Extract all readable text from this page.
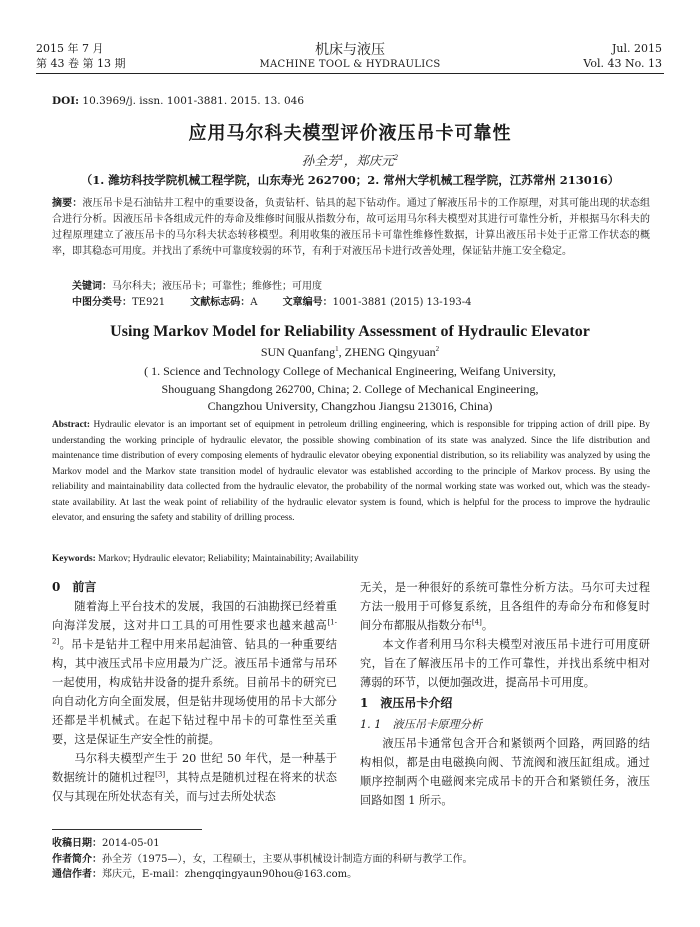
2015 年 7 月
第 43 卷 第 13 期
机床与液压
MACHINE TOOL & HYDRAULICS
Jul. 2015
Vol. 43 No. 13
DOI: 10.3969/j. issn. 1001-3881. 2015. 13. 046
应用马尔科夫模型评价液压吊卡可靠性
孙全芳$^1$，郑庆元$^2$
（1. 潍坊科技学院机械工程学院，山东寿光 262700；2. 常州大学机械工程学院，江苏常州 213016）
摘要：液压吊卡是石油钻井工程中的重要设备，负责钻杆、钻具的起下钻动作。通过了解液压吊卡的工作原理，对其可能出现的状态组合进行分析。因液压吊卡各组成元件的寿命及维修时间服从指数分布，故可运用马尔科夫模型对其进行可靠性分析，并根据马尔科夫的过程原理建立了液压吊卡的马尔科夫状态转移模型。利用收集的液压吊卡可靠性维修性数据，计算出液压吊卡处于正常工作状态的概率，即其稳态可用度。并找出了系统中可靠度较弱的环节，有利于对液压吊卡进行改善处理，保证钻井施工安全稳定。
关键词：马尔科夫；液压吊卡；可靠性；维修性；可用度
中图分类号：TE921	文献标志码：A	文章编号：1001-3881 (2015) 13-193-4
Using Markov Model for Reliability Assessment of Hydraulic Elevator
SUN Quanfang$^1$, ZHENG Qingyuan$^2$
( 1. Science and Technology College of Mechanical Engineering, Weifang University,
Shouguang Shangdong 262700, China; 2. College of Mechanical Engineering,
Changzhou University, Changzhou Jiangsu 213016, China)
Abstract: Hydraulic elevator is an important set of equipment in petroleum drilling engineering, which is responsible for tripping action of drill pipe. By understanding the working principle of hydraulic elevator, the possible showing combination of its state was analyzed. Since the life distribution and maintenance time distribution of every composing elements of hydraulic elevator obeying exponential distribution, so its reliability was analyzed by using the Markov model and the Markov state transition model of hydraulic elevator was established according to the principle of Markov process. By using the reliability and maintainability data collected from the hydraulic elevator, the probability of the normal working state was worked out, which was the steady-state availability. At last the weak point of reliability of the hydraulic elevator system is found, which is helpful for the process to improve the hydraulic elevator, and ensuring the safety and stability of drilling process.
Keywords: Markov; Hydraulic elevator; Reliability; Maintainability; Availability
0　前言

随着海上平台技术的发展，我国的石油勘探已经着重向海洋发展，这对井口工具的可用性要求也越来越高[1-2]。吊卡是钻井工程中用来吊起油管、钻具的一种重要结构，其中液压式吊卡应用最为广泛。液压吊卡通常与吊环一起使用，构成钻井设备的提升系统。目前吊卡的研究已向自动化方向全面发展，但是钻井现场使用的吊卡大部分还都是半机械式。在起下钻过程中吊卡的可靠性至关重要，这是保证生产安全性的前提。

马尔科夫模型产生于 20 世纪 50 年代，是一种基于数据统计的随机过程[3]，其特点是随机过程在将来的状态仅与其现在所处状态有关，而与过去所处状态

无关，是一种很好的系统可靠性分析方法。马尔可夫过程方法一般用于可修复系统，且各组件的寿命分布和修复时间分布都服从指数分布[4]。

本文作者利用马尔科夫模型对液压吊卡进行可用度研究，旨在了解液压吊卡的工作可靠性，并找出系统中相对薄弱的环节，以便加强改进，提高吊卡可用度。

1　液压吊卡介绍
1. 1　液压吊卡原理分析

液压吊卡通常包含开合和紧锁两个回路，两回路的结构相似，都是由电磁换向阀、节流阀和液压缸组成。通过顺序控制两个电磁阀来完成吊卡的开合和紧锁任务，液压回路如图 1 所示。

收稿日期：2014-05-01
作者简介：孙全芳（1975—），女，工程硕士，主要从事机械设计制造方面的科研与教学工作。
通信作者：郑庆元，E-mail：zhengqingyaun90hou@163.com。
